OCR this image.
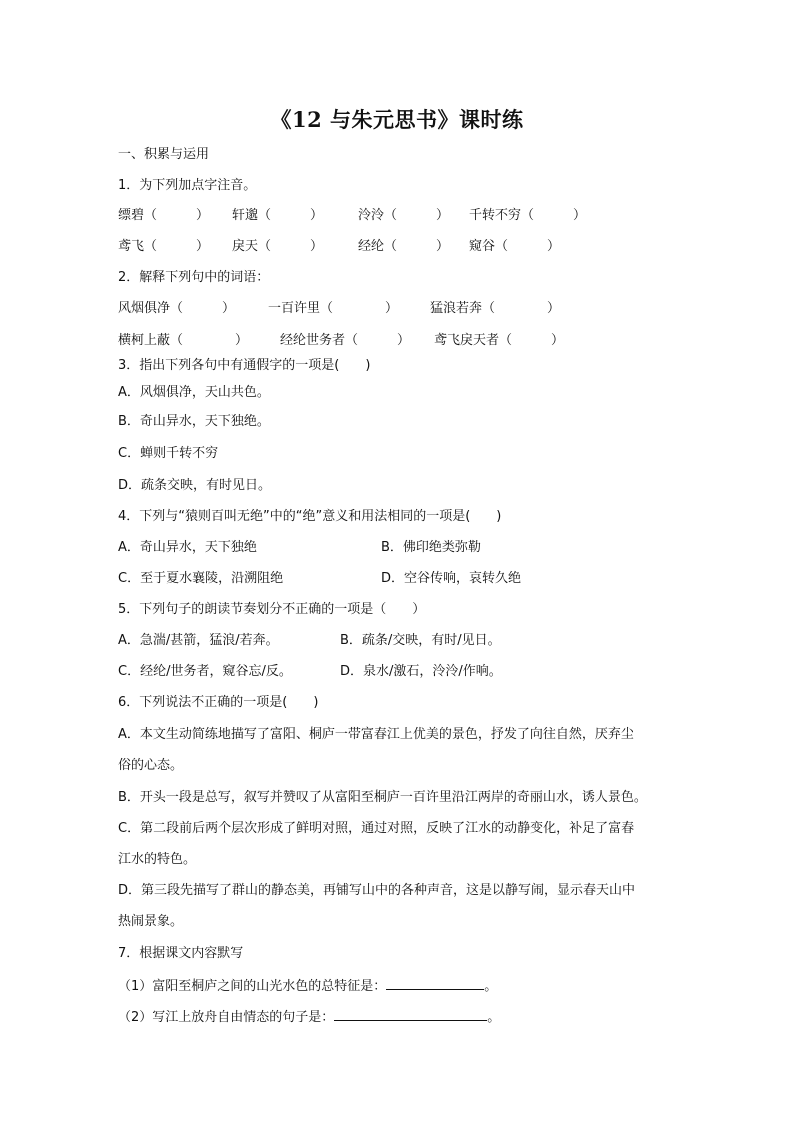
《12 与朱元思书》课时练
一、积累与运用
1．为下列加点字注音。
缥碧（　　　） 轩邈（　　　）	泠泠（　　　） 千转不穷（　　　）
鸢飞（　　　） 戾天（　　　）	经纶（　　　） 窥谷（　　　）
2．解释下列句中的词语：
风烟俱净（　　　）	一百许里（　　　　） 猛浪若奔（　　　　）
横柯上蔽（　　　　） 经纶世务者（　　　） 鸢飞戾天者（　　　）
3．指出下列各句中有通假字的一项是(　　)
A．风烟俱净，天山共色。
B．奇山异水，天下独绝。
C．蝉则千转不穷
D．疏条交映，有时见日。
4．下列与“猿则百叫无绝”中的“绝”意义和用法相同的一项是(　　)
A．奇山异水，天下独绝	B．佛印绝类弥勒
C．至于夏水襄陵，沿溯阻绝	D．空谷传响，哀转久绝
5．下列句子的朗读节奏划分不正确的一项是（　　）
A．急湍/甚箭，猛浪/若奔。	B．疏条/交映，有时/见日。
C．经纶/世务者，窥谷忘/反。	D．泉水/激石，泠泠/作响。
6．下列说法不正确的一项是(　　)
A．本文生动简练地描写了富阳、桐庐一带富春江上优美的景色，抒发了向往自然，厌弃尘
俗的心态。
B．开头一段是总写，叙写并赞叹了从富阳至桐庐一百许里沿江两岸的奇丽山水，诱人景色。
C．第二段前后两个层次形成了鲜明对照，通过对照，反映了江水的动静变化，补足了富春
江水的特色。
D．第三段先描写了群山的静态美，再铺写山中的各种声音，这是以静写闹，显示春天山中
热闹景象。
7．根据课文内容默写
（1）富阳至桐庐之间的山光水色的总特征是：	。
（2）写江上放舟自由情态的句子是：	。
